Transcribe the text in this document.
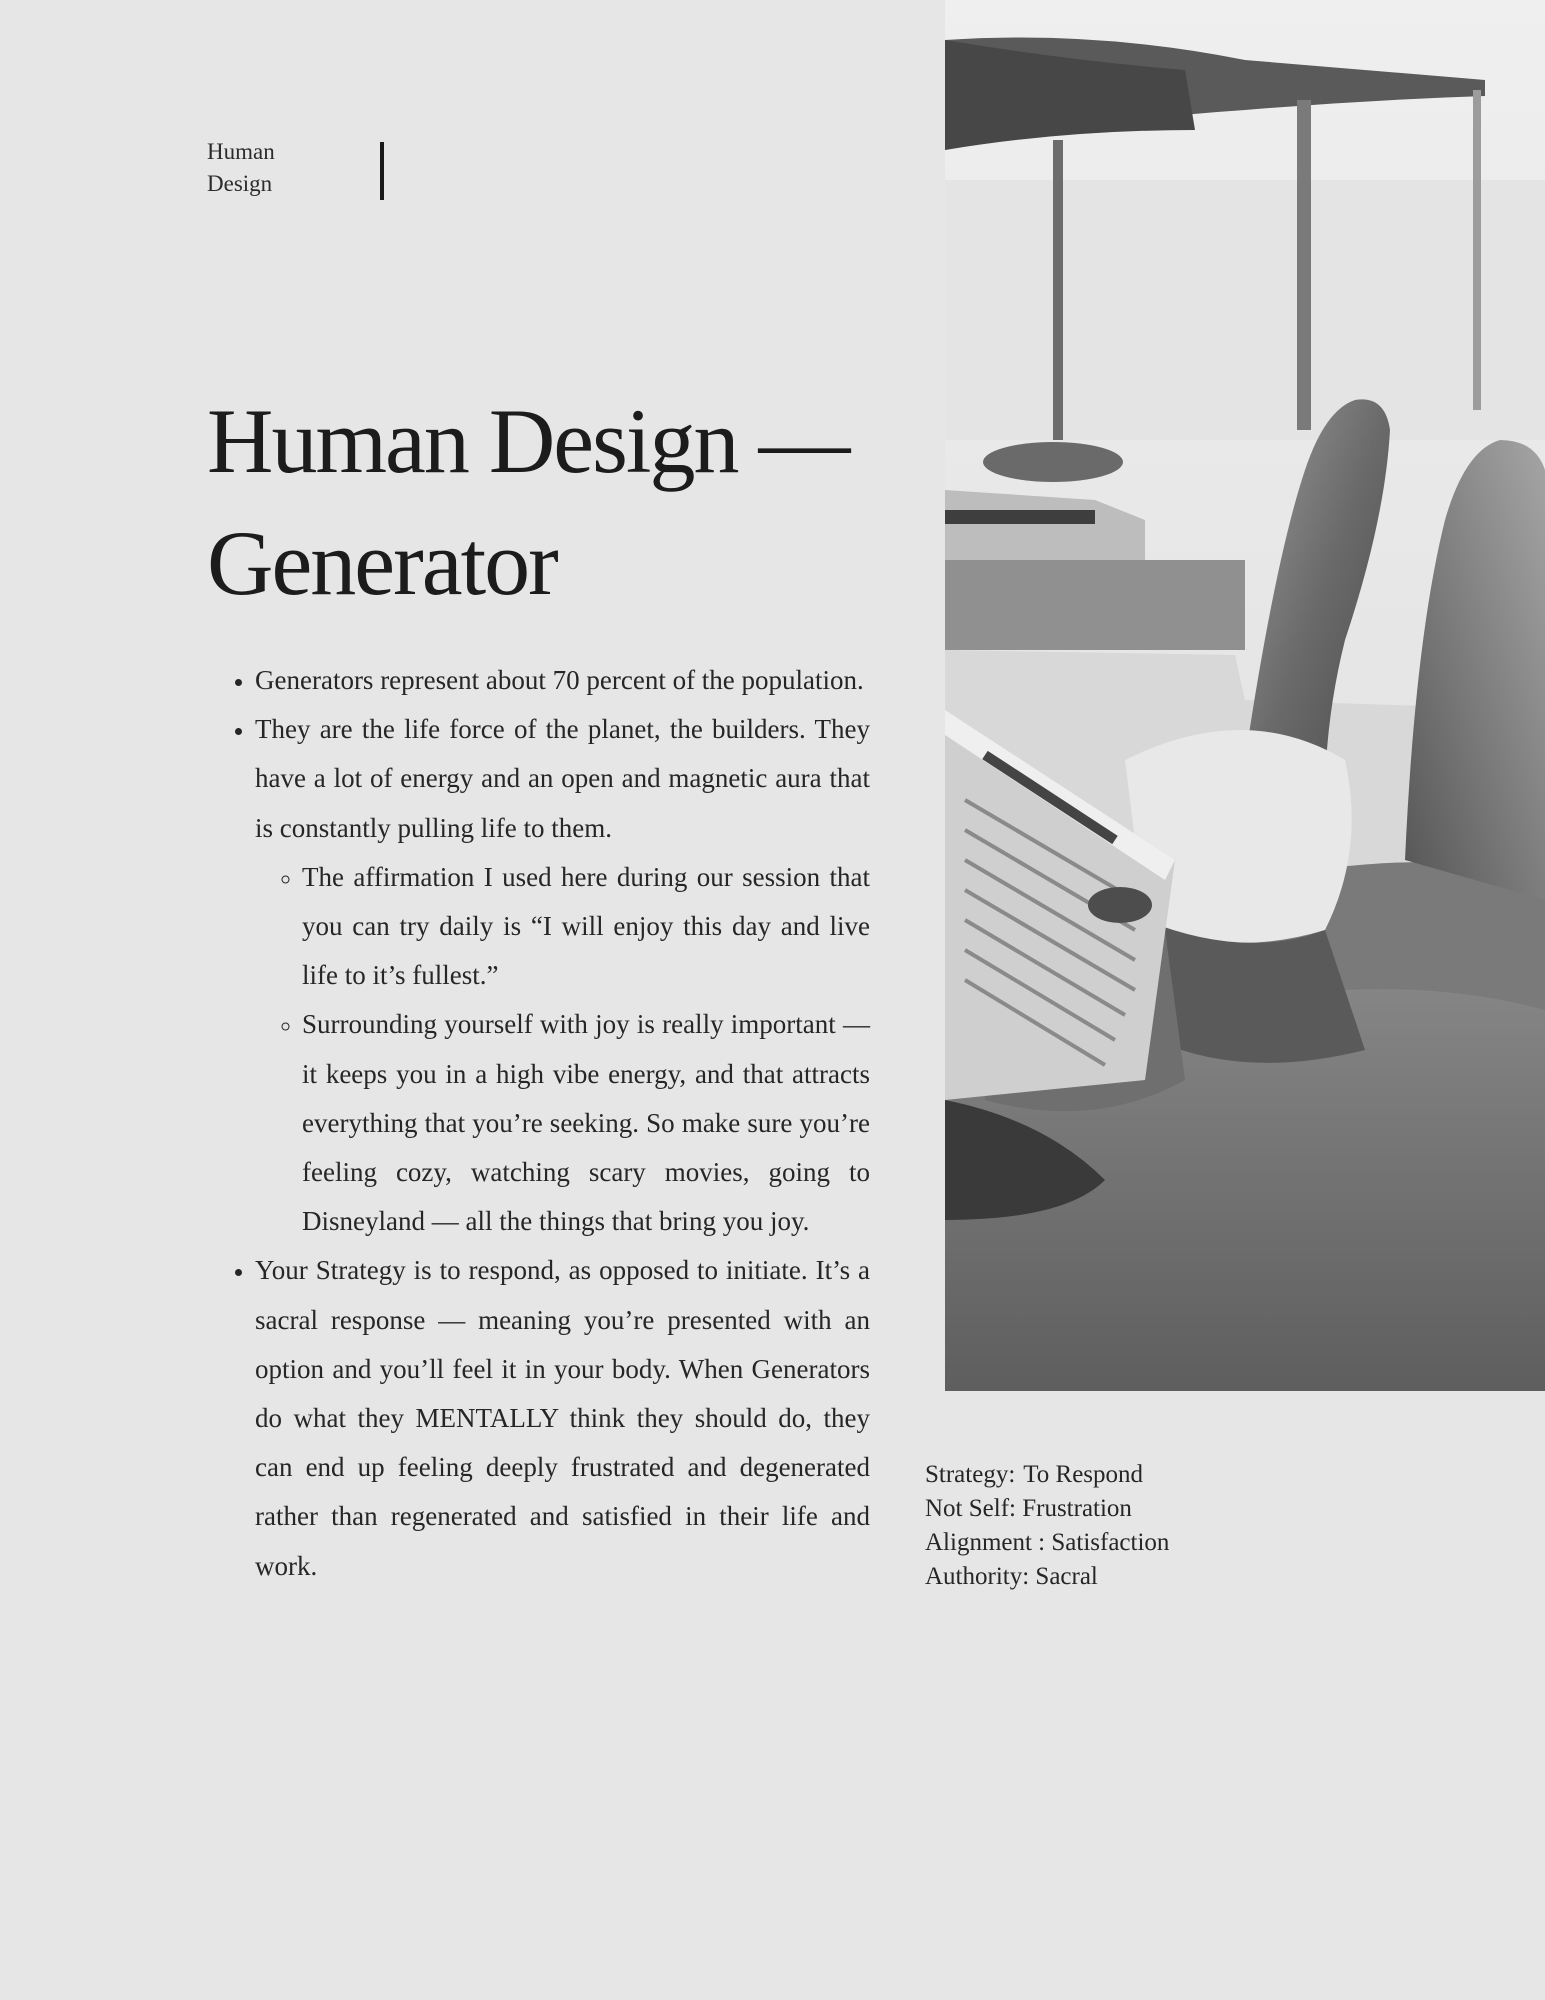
Human
Design
Human Design —
Generator
• Generators represent about 70 percent of the population.
• They are the life force of the planet, the builders. They have a lot of energy and an open and magnetic aura that is constantly pulling life to them.
◦ The affirmation I used here during our session that you can try daily is “I will enjoy this day and live life to it’s fullest.”
◦ Surrounding yourself with joy is really important — it keeps you in a high vibe energy, and that attracts everything that you’re seeking. So make sure you’re feeling cozy, watching scary movies, going to Disneyland — all the things that bring you joy.
• Your Strategy is to respond, as opposed to initiate. It’s a sacral response — meaning you’re presented with an option and you’ll feel it in your body. When Generators do what they MENTALLY think they should do, they can end up feeling deeply frustrated and degenerated rather than regenerated and satisfied in their life and work.
Strategy: To Respond
Not Self: Frustration
Alignment : Satisfaction
Authority: Sacral
